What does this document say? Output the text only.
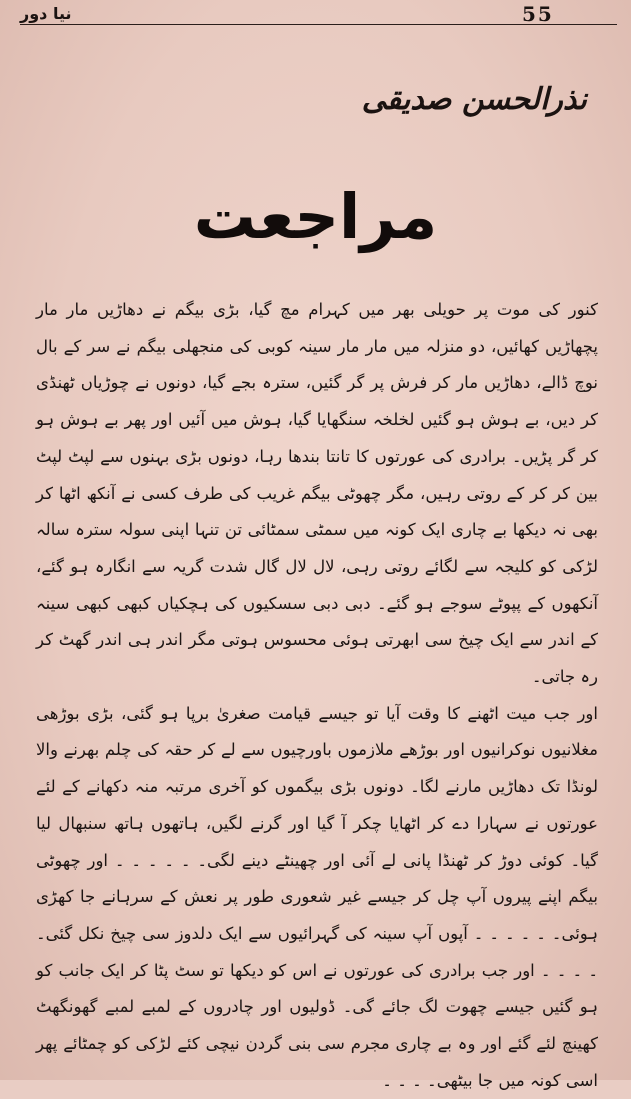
نیا دور	55
نذرالحسن صدیقی
مراجعت

کنور کی موت پر حویلی بھر میں کہرام مچ گیا، بڑی بیگم نے دھاڑیں مار مار پچھاڑیں کھائیں، دو منزلہ میں مار مار سینہ کوبی کی منجھلی بیگم نے سر کے بال نوچ ڈالے، دھاڑیں مار کر فرش پر گر گئیں، سترہ بجے گیا، دونوں نے چوڑیاں ٹھنڈی کر دیں، بے ہوش ہو گئیں لخلخہ سنگھایا گیا، ہوش میں آئیں اور پھر بے ہوش ہو کر گر پڑیں۔ برادری کی عورتوں کا تانتا بندھا رہا، دونوں بڑی بہنوں سے لپٹ لپٹ بین کر کر کے روتی رہیں، مگر چھوٹی بیگم غریب کی طرف کسی نے آنکھ اٹھا کر بھی نہ دیکھا بے چاری ایک کونہ میں سمٹی سمٹائی تن تنہا اپنی سولہ سترہ سالہ لڑکی کو کلیجہ سے لگائے روتی رہی، لال لال گال شدت گریہ سے انگارہ ہو گئے، آنکھوں کے پپوٹے سوجے ہو گئے۔ دبی دبی سسکیوں کی ہچکیاں کبھی کبھی سینہ کے اندر سے ایک چیخ سی ابھرتی ہوئی محسوس ہوتی مگر اندر ہی اندر گھٹ کر رہ جاتی۔

اور جب میت اٹھنے کا وقت آیا تو جیسے قیامت صغریٰ برپا ہو گئی، بڑی بوڑھی مغلانیوں نوکرانیوں اور بوڑھے ملازموں باورچیوں سے لے کر حقہ کی چلم بھرنے والا لونڈا تک دھاڑیں مارنے لگا۔ دونوں بڑی بیگموں کو آخری مرتبہ منہ دکھانے کے لئے عورتوں نے سہارا دے کر اٹھایا چکر آ گیا اور گرنے لگیں، ہاتھوں ہاتھ سنبھال لیا گیا۔ کوئی دوڑ کر ٹھنڈا پانی لے آئی اور چھینٹے دینے لگی۔ ۔ ۔ ۔ ۔ ۔ اور چھوٹی بیگم اپنے پیروں آپ چل کر جیسے غیر شعوری طور پر نعش کے سرہانے جا کھڑی ہوئی۔ ۔ ۔ ۔ ۔ ۔ آپوں آپ سینہ کی گہرائیوں سے ایک دلدوز سی چیخ نکل گئی۔ ۔ ۔ ۔ ۔ اور جب برادری کی عورتوں نے اس کو دیکھا تو سٹ پٹا کر ایک جانب کو ہو گئیں جیسے چھوت لگ جائے گی۔ ڈولیوں اور چادروں کے لمبے لمبے گھونگھٹ کھینچ لئے گئے اور وہ بے چاری مجرم سی بنی گردن نیچی کئے لڑکی کو چمٹائے پھر اسی کونہ میں جا بیٹھی۔ ۔ ۔ ۔
